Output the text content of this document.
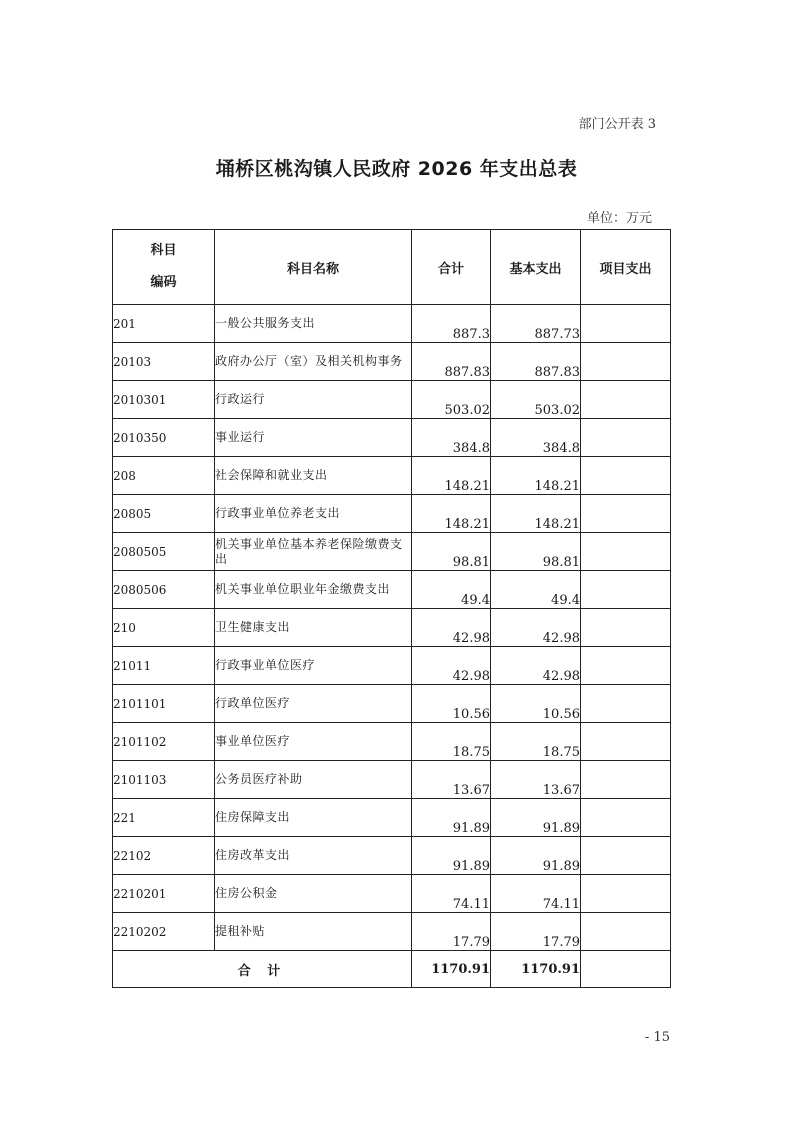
部门公开表 3
埇桥区桃沟镇人民政府 2026 年支出总表
单位：万元
科目
编码	科目名称	合计	基本支出	项目支出
201	一般公共服务支出	887.3	887.73	
20103	政府办公厅（室）及相关机构事务	887.83	887.83	
2010301	行政运行	503.02	503.02	
2010350	事业运行	384.8	384.8	
208	社会保障和就业支出	148.21	148.21	
20805	行政事业单位养老支出	148.21	148.21	
2080505	机关事业单位基本养老保险缴费支出	98.81	98.81	
2080506	机关事业单位职业年金缴费支出	49.4	49.4	
210	卫生健康支出	42.98	42.98	
21011	行政事业单位医疗	42.98	42.98	
2101101	行政单位医疗	10.56	10.56	
2101102	事业单位医疗	18.75	18.75	
2101103	公务员医疗补助	13.67	13.67	
221	住房保障支出	91.89	91.89	
22102	住房改革支出	91.89	91.89	
2210201	住房公积金	74.11	74.11	
2210202	提租补贴	17.79	17.79	
合 计		1170.91	1170.91	
- 15
